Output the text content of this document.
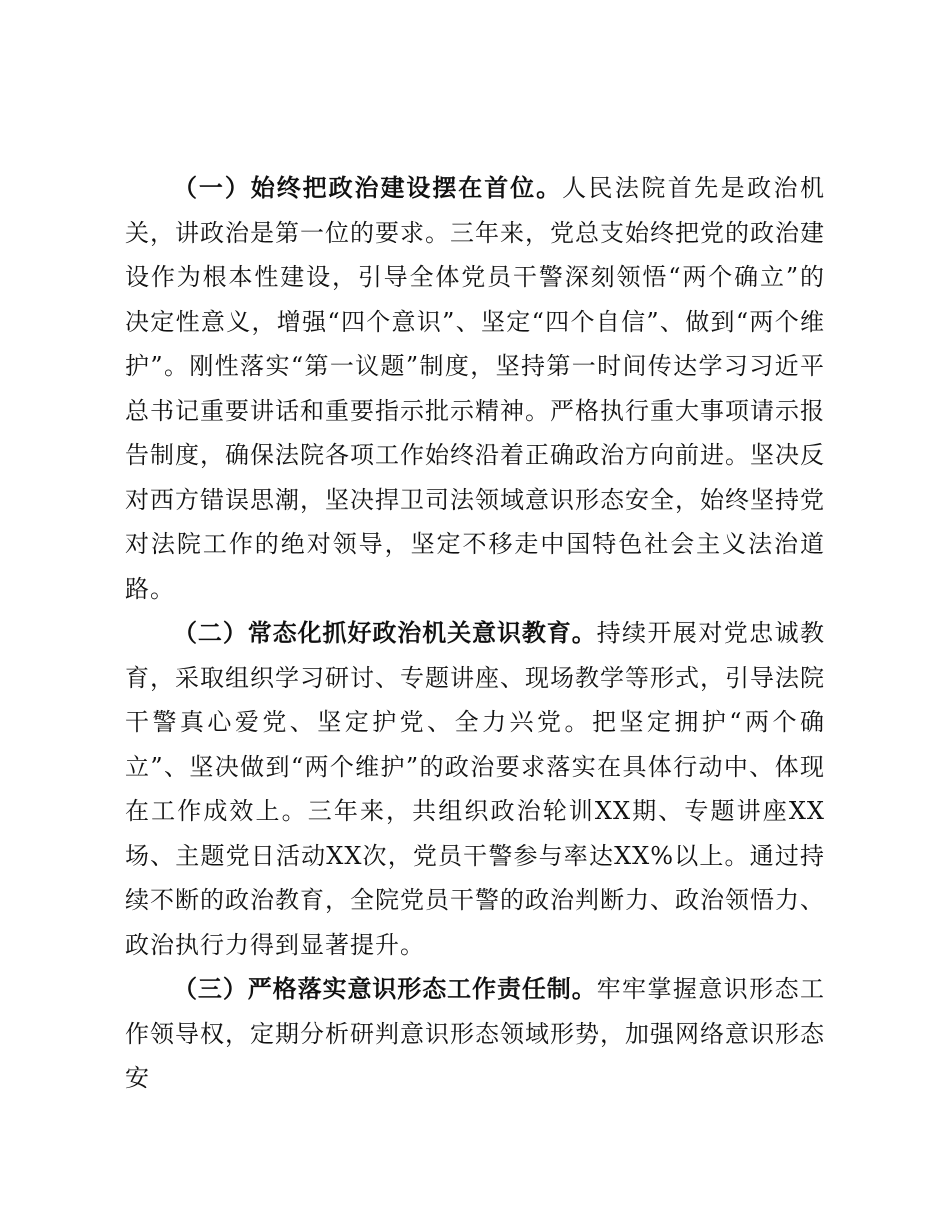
（一）始终把政治建设摆在首位。人民法院首先是政治机关，讲政治是第一位的要求。三年来，党总支始终把党的政治建设作为根本性建设，引导全体党员干警深刻领悟“两个确立”的决定性意义，增强“四个意识”、坚定“四个自信”、做到“两个维护”。刚性落实“第一议题”制度，坚持第一时间传达学习习近平总书记重要讲话和重要指示批示精神。严格执行重大事项请示报告制度，确保法院各项工作始终沿着正确政治方向前进。坚决反对西方错误思潮，坚决捍卫司法领域意识形态安全，始终坚持党对法院工作的绝对领导，坚定不移走中国特色社会主义法治道路。

（二）常态化抓好政治机关意识教育。持续开展对党忠诚教育，采取组织学习研讨、专题讲座、现场教学等形式，引导法院干警真心爱党、坚定护党、全力兴党。把坚定拥护“两个确立”、坚决做到“两个维护”的政治要求落实在具体行动中、体现在工作成效上。三年来，共组织政治轮训XX期、专题讲座XX场、主题党日活动XX次，党员干警参与率达XX%以上。通过持续不断的政治教育，全院党员干警的政治判断力、政治领悟力、政治执行力得到显著提升。

（三）严格落实意识形态工作责任制。牢牢掌握意识形态工作领导权，定期分析研判意识形态领域形势，加强网络意识形态安
